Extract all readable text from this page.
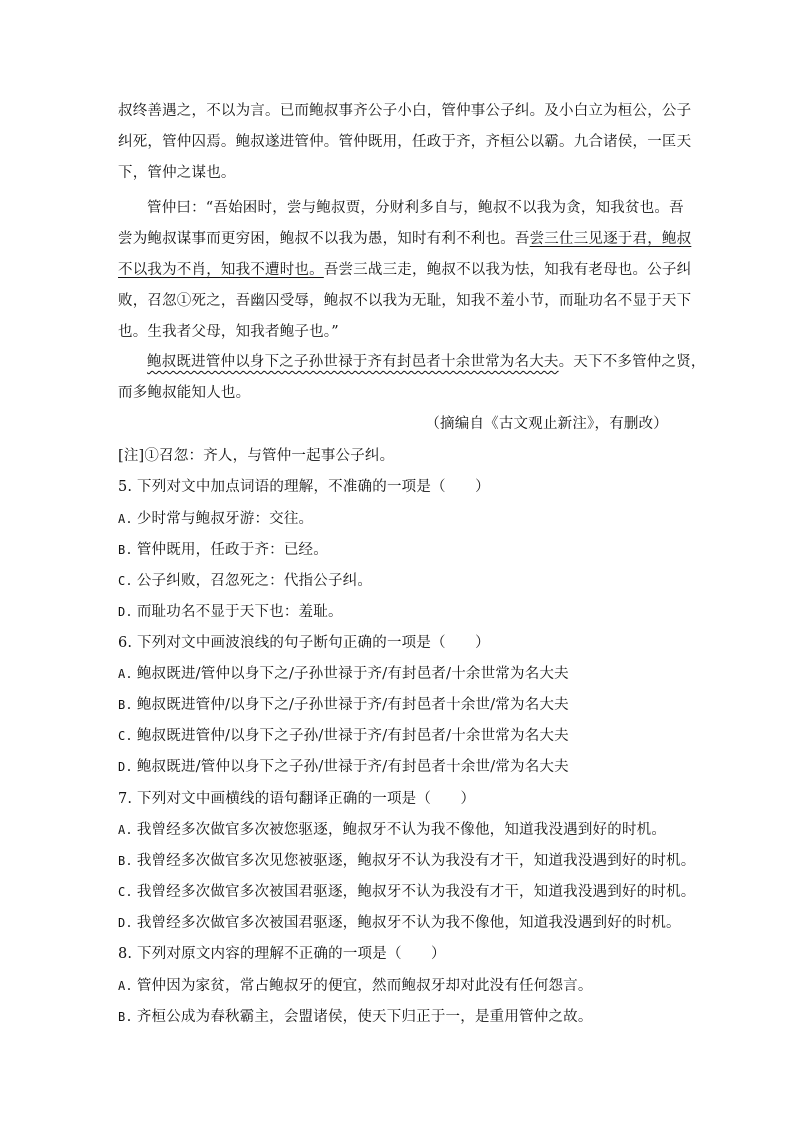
叔终善遇之，不以为言。已而鲍叔事齐公子小白，管仲事公子纠。及小白立为桓公，公子
纠死，管仲囚焉。鲍叔遂进管仲。管仲既用，任政于齐，齐桓公以霸。九合诸侯，一匡天
下，管仲之谋也。
管仲曰：“吾始困时，尝与鲍叔贾，分财利多自与，鲍叔不以我为贪，知我贫也。吾
尝为鲍叔谋事而更穷困，鲍叔不以我为愚，知时有利不利也。吾尝三仕三见逐于君，鲍叔
不以我为不肖，知我不遭时也。吾尝三战三走，鲍叔不以我为怯，知我有老母也。公子纠
败，召忽①死之，吾幽囚受辱，鲍叔不以我为无耻，知我不羞小节，而耻功名不显于天下
也。生我者父母，知我者鲍子也。”
鲍叔既进管仲以身下之子孙世禄于齐有封邑者十余世常为名大夫。天下不多管仲之贤，
而多鲍叔能知人也。
（摘编自《古文观止新注》，有删改）
[注]①召忽：齐人，与管仲一起事公子纠。
5. 下列对文中加点词语的理解，不准确的一项是（　　）
A. 少时常与鲍叔牙游：交往。
B. 管仲既用，任政于齐：已经。
C. 公子纠败，召忽死之：代指公子纠。
D. 而耻功名不显于天下也：羞耻。
6. 下列对文中画波浪线的句子断句正确的一项是（　　）
A. 鲍叔既进/管仲以身下之/子孙世禄于齐/有封邑者/十余世常为名大夫
B. 鲍叔既进管仲/以身下之/子孙世禄于齐/有封邑者十余世/常为名大夫
C. 鲍叔既进管仲/以身下之子孙/世禄于齐/有封邑者/十余世常为名大夫
D. 鲍叔既进/管仲以身下之子孙/世禄于齐/有封邑者十余世/常为名大夫
7. 下列对文中画横线的语句翻译正确的一项是（　　）
A. 我曾经多次做官多次被您驱逐，鲍叔牙不认为我不像他，知道我没遇到好的时机。
B. 我曾经多次做官多次见您被驱逐，鲍叔牙不认为我没有才干，知道我没遇到好的时机。
C. 我曾经多次做官多次被国君驱逐，鲍叔牙不认为我没有才干，知道我没遇到好的时机。
D. 我曾经多次做官多次被国君驱逐，鲍叔牙不认为我不像他，知道我没遇到好的时机。
8. 下列对原文内容的理解不正确的一项是（　　）
A. 管仲因为家贫，常占鲍叔牙的便宜，然而鲍叔牙却对此没有任何怨言。
B. 齐桓公成为春秋霸主，会盟诸侯，使天下归正于一，是重用管仲之故。
